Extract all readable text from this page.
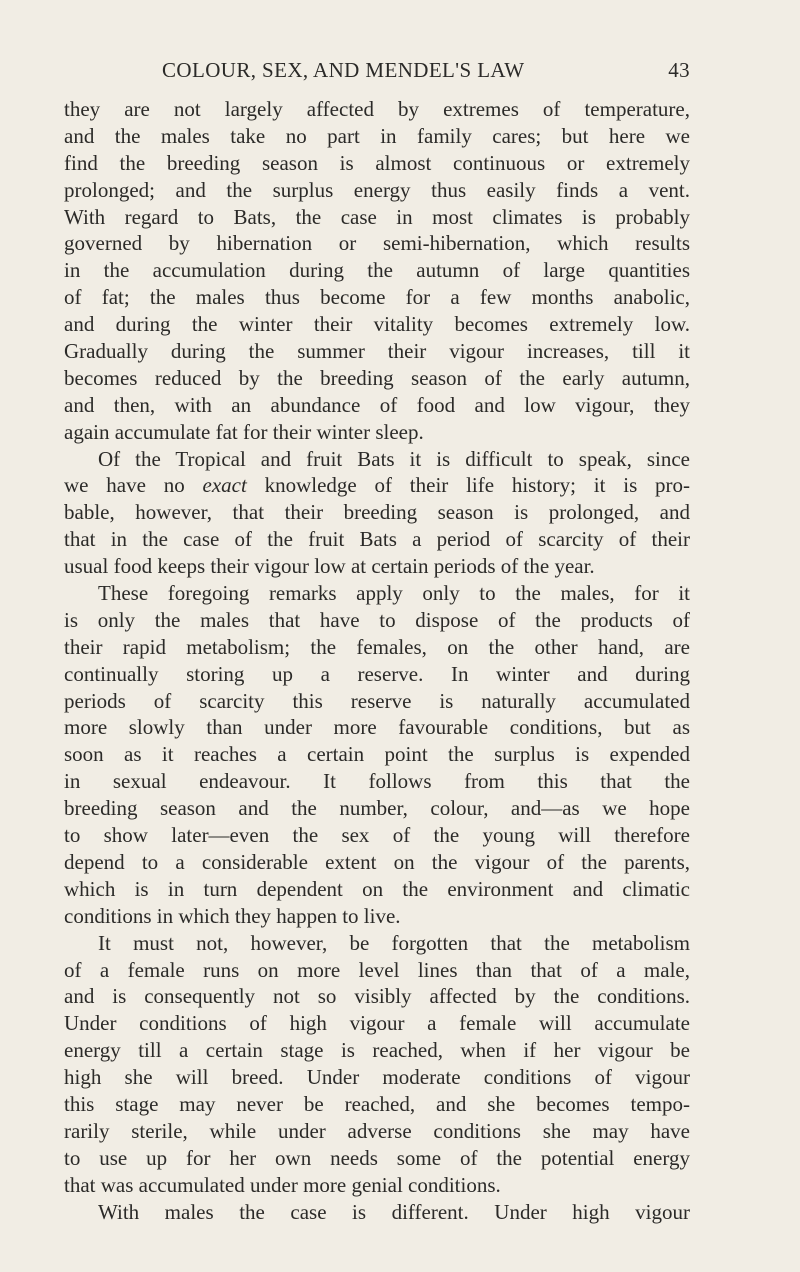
COLOUR, SEX, AND MENDEL'S LAW	43
they are not largely affected by extremes of temperature,
and the males take no part in family cares; but here we
find the breeding season is almost continuous or extremely
prolonged; and the surplus energy thus easily finds a vent.
With regard to Bats, the case in most climates is probably
governed by hibernation or semi-hibernation, which results
in the accumulation during the autumn of large quantities
of fat; the males thus become for a few months anabolic,
and during the winter their vitality becomes extremely low.
Gradually during the summer their vigour increases, till it
becomes reduced by the breeding season of the early autumn,
and then, with an abundance of food and low vigour, they
again accumulate fat for their winter sleep.
Of the Tropical and fruit Bats it is difficult to speak, since
we have no exact knowledge of their life history; it is pro-
bable, however, that their breeding season is prolonged, and
that in the case of the fruit Bats a period of scarcity of their
usual food keeps their vigour low at certain periods of the year.
These foregoing remarks apply only to the males, for it
is only the males that have to dispose of the products of
their rapid metabolism; the females, on the other hand, are
continually storing up a reserve. In winter and during
periods of scarcity this reserve is naturally accumulated
more slowly than under more favourable conditions, but as
soon as it reaches a certain point the surplus is expended
in sexual endeavour. It follows from this that the
breeding season and the number, colour, and—as we hope
to show later—even the sex of the young will therefore
depend to a considerable extent on the vigour of the parents,
which is in turn dependent on the environment and climatic
conditions in which they happen to live.
It must not, however, be forgotten that the metabolism
of a female runs on more level lines than that of a male,
and is consequently not so visibly affected by the conditions.
Under conditions of high vigour a female will accumulate
energy till a certain stage is reached, when if her vigour be
high she will breed. Under moderate conditions of vigour
this stage may never be reached, and she becomes tempo-
rarily sterile, while under adverse conditions she may have
to use up for her own needs some of the potential energy
that was accumulated under more genial conditions.
With males the case is different. Under high vigour
